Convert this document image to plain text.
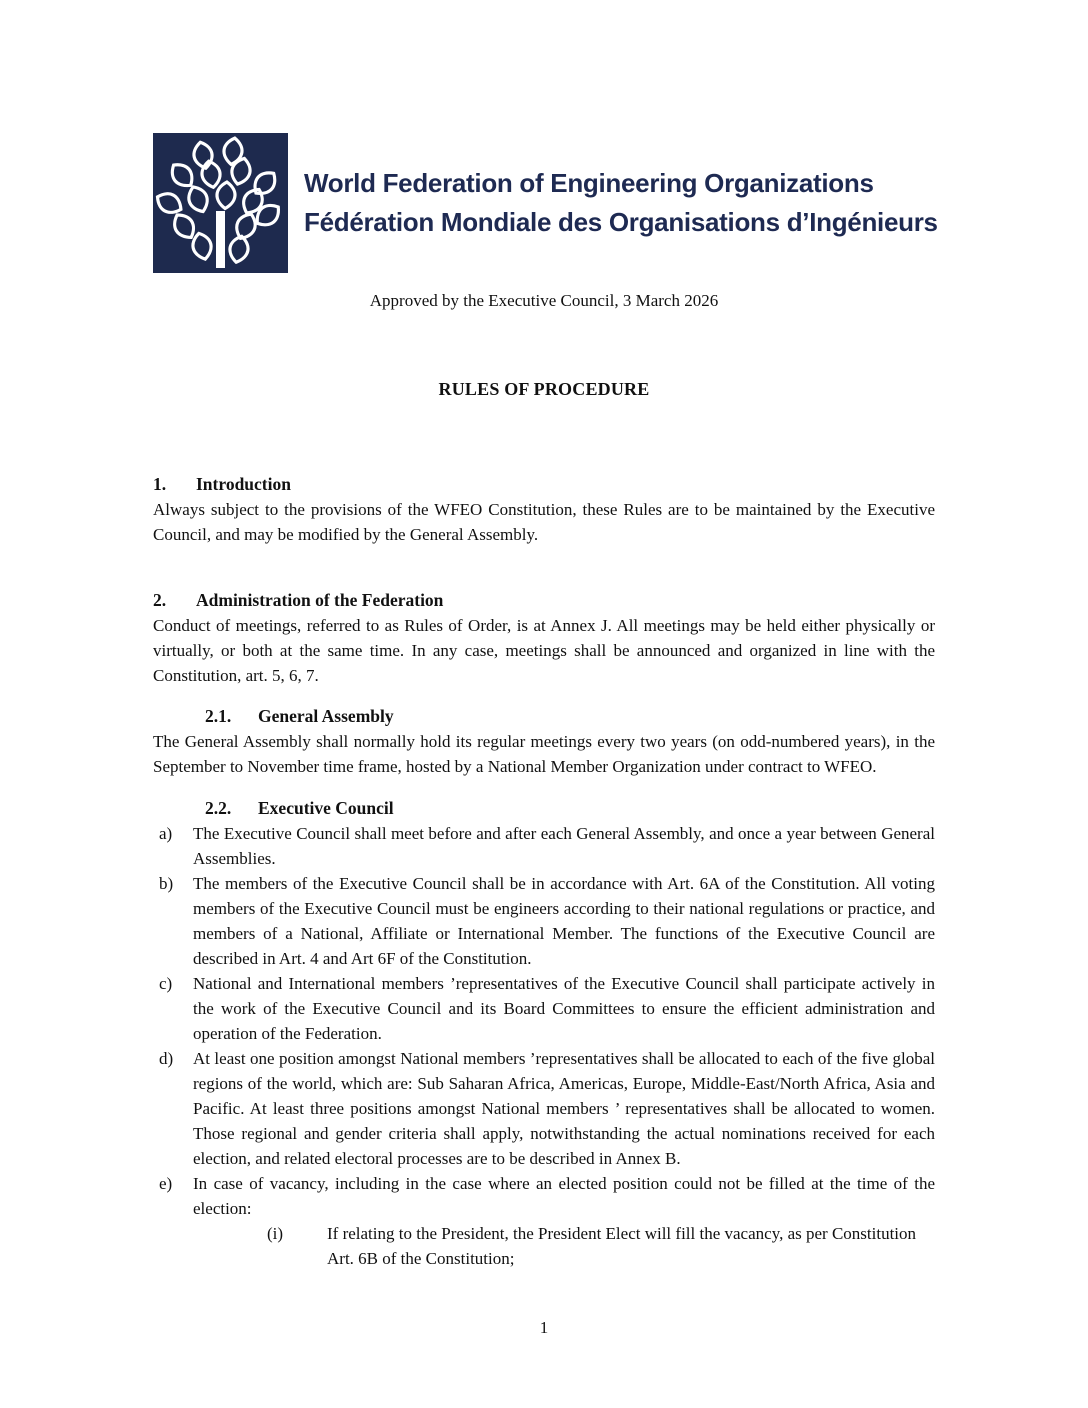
World Federation of Engineering Organizations
Fédération Mondiale des Organisations d’Ingénieurs

Approved by the Executive Council, 3 March 2026

RULES OF PROCEDURE
1.	Introduction

Always subject to the provisions of the WFEO Constitution, these Rules are to be maintained by the Executive Council, and may be modified by the General Assembly.

2.	Administration of the Federation

Conduct of meetings, referred to as Rules of Order, is at Annex J. All meetings may be held either physically or virtually, or both at the same time. In any case, meetings shall be announced and organized in line with the Constitution, art. 5, 6, 7.

2.1.	General Assembly

The General Assembly shall normally hold its regular meetings every two years (on odd-numbered years), in the September to November time frame, hosted by a National Member Organization under contract to WFEO.

2.2.	Executive Council
a) The Executive Council shall meet before and after each General Assembly, and once a year between General Assemblies.
b) The members of the Executive Council shall be in accordance with Art. 6A of the Constitution. All voting members of the Executive Council must be engineers according to their national regulations or practice, and members of a National, Affiliate or International Member. The functions of the Executive Council are described in Art. 4 and Art 6F of the Constitution.
c) National and International members ’representatives of the Executive Council shall participate actively in the work of the Executive Council and its Board Committees to ensure the efficient administration and operation of the Federation.
d) At least one position amongst National members ’representatives shall be allocated to each of the five global regions of the world, which are: Sub Saharan Africa, Americas, Europe, Middle-East/North Africa, Asia and Pacific. At least three positions amongst National members ’ representatives shall be allocated to women. Those regional and gender criteria shall apply, notwithstanding the actual nominations received for each election, and related electoral processes are to be described in Annex B.
e) In case of vacancy, including in the case where an elected position could not be filled at the time of the election:
(i)	If relating to the President, the President Elect will fill the vacancy, as per Constitution Art. 6B of the Constitution;
1
